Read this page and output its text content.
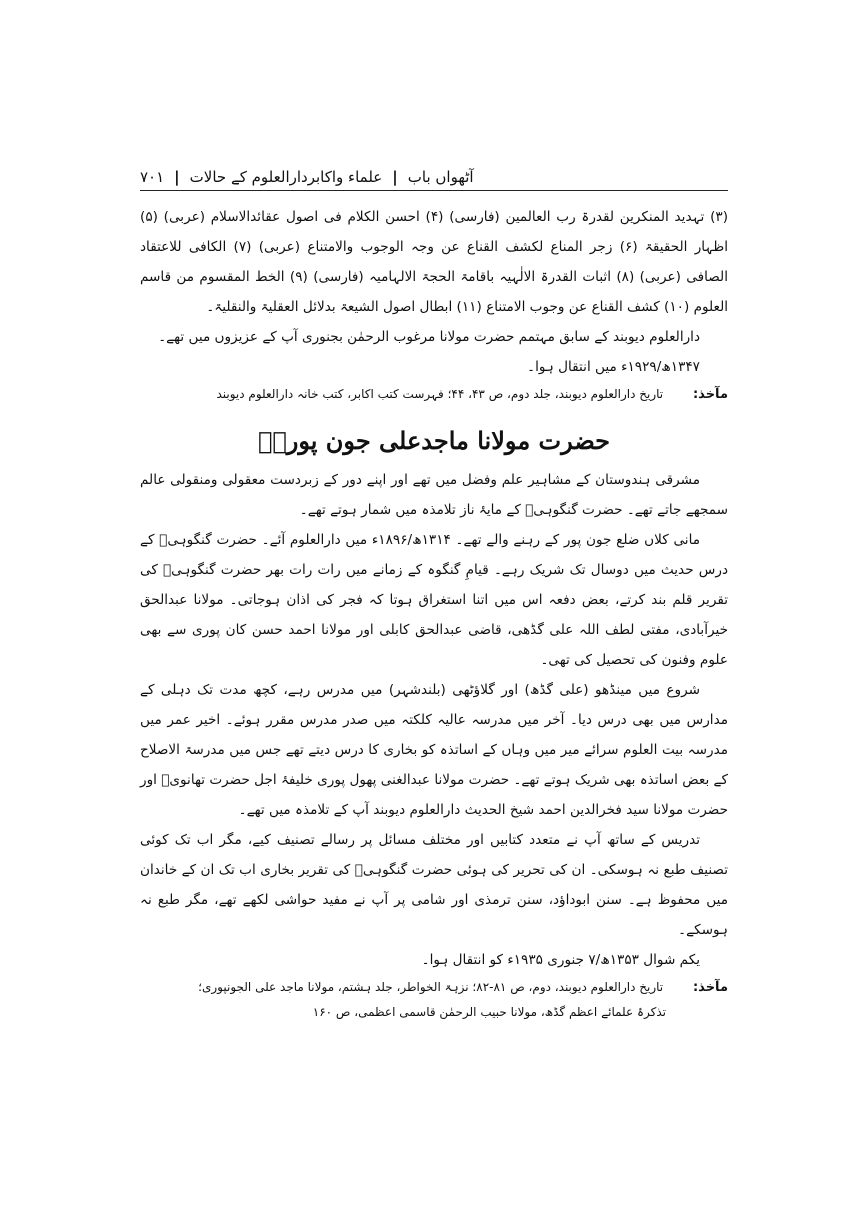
آٹھواں باب
|
علماء واکابردارالعلوم کے حالات
|
۷۰۱

(۳) تہدید المنکرین لقدرۃ رب العالمین (فارسی) (۴) احسن الکلام فی اصول عقائدالاسلام (عربی) (۵) اظہار الحقیقۃ (۶) زجر المناع لکشف القناع عن وجہ الوجوب والامتناع (عربی) (۷) الکافی للاعتقاد الصافی (عربی) (۸) اثبات القدرۃ الالٰہیہ باقامۃ الحجۃ الالہامیہ (فارسی) (۹) الخط المقسوم من قاسم العلوم (۱۰) کشف القناع عن وجوب الامتناع (۱۱) ابطال اصول الشیعۃ بدلائل العقلیۃ والنقلیۃ۔

دارالعلوم دیوبند کے سابق مہتمم حضرت مولانا مرغوب الرحمٰن بجنوری آپ کے عزیزوں میں تھے۔

۱۳۴۷ھ/۱۹۲۹ء میں انتقال ہوا۔

مآخذ: تاریخ دارالعلوم دیوبند، جلد دوم، ص ۴۳، ۴۴؛ فہرست کتب اکابر، کتب خانہ دارالعلوم دیوبند

حضرت مولانا ماجدعلی جون پوریؒ

مشرقی ہندوستان کے مشاہیر علم وفضل میں تھے اور اپنے دور کے زبردست معقولی ومنقولی عالم سمجھے جاتے تھے۔ حضرت گنگوہیؒ کے مایۂ ناز تلامذہ میں شمار ہوتے تھے۔

مانی کلاں ضلع جون پور کے رہنے والے تھے۔ ۱۳۱۴ھ/۱۸۹۶ء میں دارالعلوم آئے۔ حضرت گنگوہیؒ کے درس حدیث میں دوسال تک شریک رہے۔ قیامِ گنگوہ کے زمانے میں رات رات بھر حضرت گنگوہیؒ کی تقریر قلم بند کرتے، بعض دفعہ اس میں اتنا استغراق ہوتا کہ فجر کی اذان ہوجاتی۔ مولانا عبدالحق خیرآبادی، مفتی لطف اللہ علی گڈھی، قاضی عبدالحق کابلی اور مولانا احمد حسن کان پوری سے بھی علوم وفنون کی تحصیل کی تھی۔

شروع میں مینڈھو (علی گڈھ) اور گلاؤٹھی (بلندشہر) میں مدرس رہے، کچھ مدت تک دہلی کے مدارس میں بھی درس دیا۔ آخر میں مدرسہ عالیہ کلکتہ میں صدر مدرس مقرر ہوئے۔ اخیر عمر میں مدرسہ بیت العلوم سرائے میر میں وہاں کے اساتذہ کو بخاری کا درس دیتے تھے جس میں مدرسۃ الاصلاح کے بعض اساتذہ بھی شریک ہوتے تھے۔ حضرت مولانا عبدالغنی پھول پوری خلیفۂ اجل حضرت تھانویؒ اور حضرت مولانا سید فخرالدین احمد شیخ الحدیث دارالعلوم دیوبند آپ کے تلامذہ میں تھے۔

تدریس کے ساتھ آپ نے متعدد کتابیں اور مختلف مسائل پر رسالے تصنیف کیے، مگر اب تک کوئی تصنیف طبع نہ ہوسکی۔ ان کی تحریر کی ہوئی حضرت گنگوہیؒ کی تقریر بخاری اب تک ان کے خاندان میں محفوظ ہے۔ سنن ابوداؤد، سنن ترمذی اور شامی پر آپ نے مفید حواشی لکھے تھے، مگر طبع نہ ہوسکے۔

یکم شوال ۱۳۵۳ھ/۷ جنوری ۱۹۳۵ء کو انتقال ہوا۔

مآخذ: تاریخ دارالعلوم دیوبند، دوم، ص ۸۱-۸۲؛ نزہۃ الخواطر، جلد ہشتم، مولانا ماجد علی الجونپوری؛

تذکرۂ علمائے اعظم گڈھ، مولانا حبیب الرحمٰن قاسمی اعظمی، ص ۱۶۰
